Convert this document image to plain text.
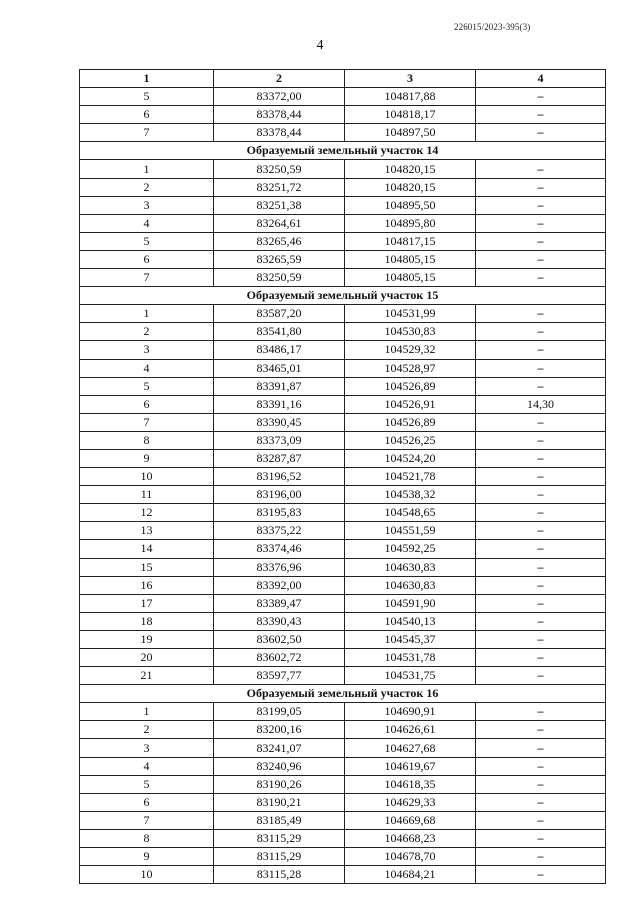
226015/2023-395(3)
4
1	2	3	4
5	83372,00	104817,88	–
6	83378,44	104818,17	–
7	83378,44	104897,50	–
Образуемый земельный участок 14			
1	83250,59	104820,15	–
2	83251,72	104820,15	–
3	83251,38	104895,50	–
4	83264,61	104895,80	–
5	83265,46	104817,15	–
6	83265,59	104805,15	–
7	83250,59	104805,15	–
Образуемый земельный участок 15			
1	83587,20	104531,99	–
2	83541,80	104530,83	–
3	83486,17	104529,32	–
4	83465,01	104528,97	–
5	83391,87	104526,89	–
6	83391,16	104526,91	14,30
7	83390,45	104526,89	–
8	83373,09	104526,25	–
9	83287,87	104524,20	–
10	83196,52	104521,78	–
11	83196,00	104538,32	–
12	83195,83	104548,65	–
13	83375,22	104551,59	–
14	83374,46	104592,25	–
15	83376,96	104630,83	–
16	83392,00	104630,83	–
17	83389,47	104591,90	–
18	83390,43	104540,13	–
19	83602,50	104545,37	–
20	83602,72	104531,78	–
21	83597,77	104531,75	–
Образуемый земельный участок 16			
1	83199,05	104690,91	–
2	83200,16	104626,61	–
3	83241,07	104627,68	–
4	83240,96	104619,67	–
5	83190,26	104618,35	–
6	83190,21	104629,33	–
7	83185,49	104669,68	–
8	83115,29	104668,23	–
9	83115,29	104678,70	–
10	83115,28	104684,21	–
